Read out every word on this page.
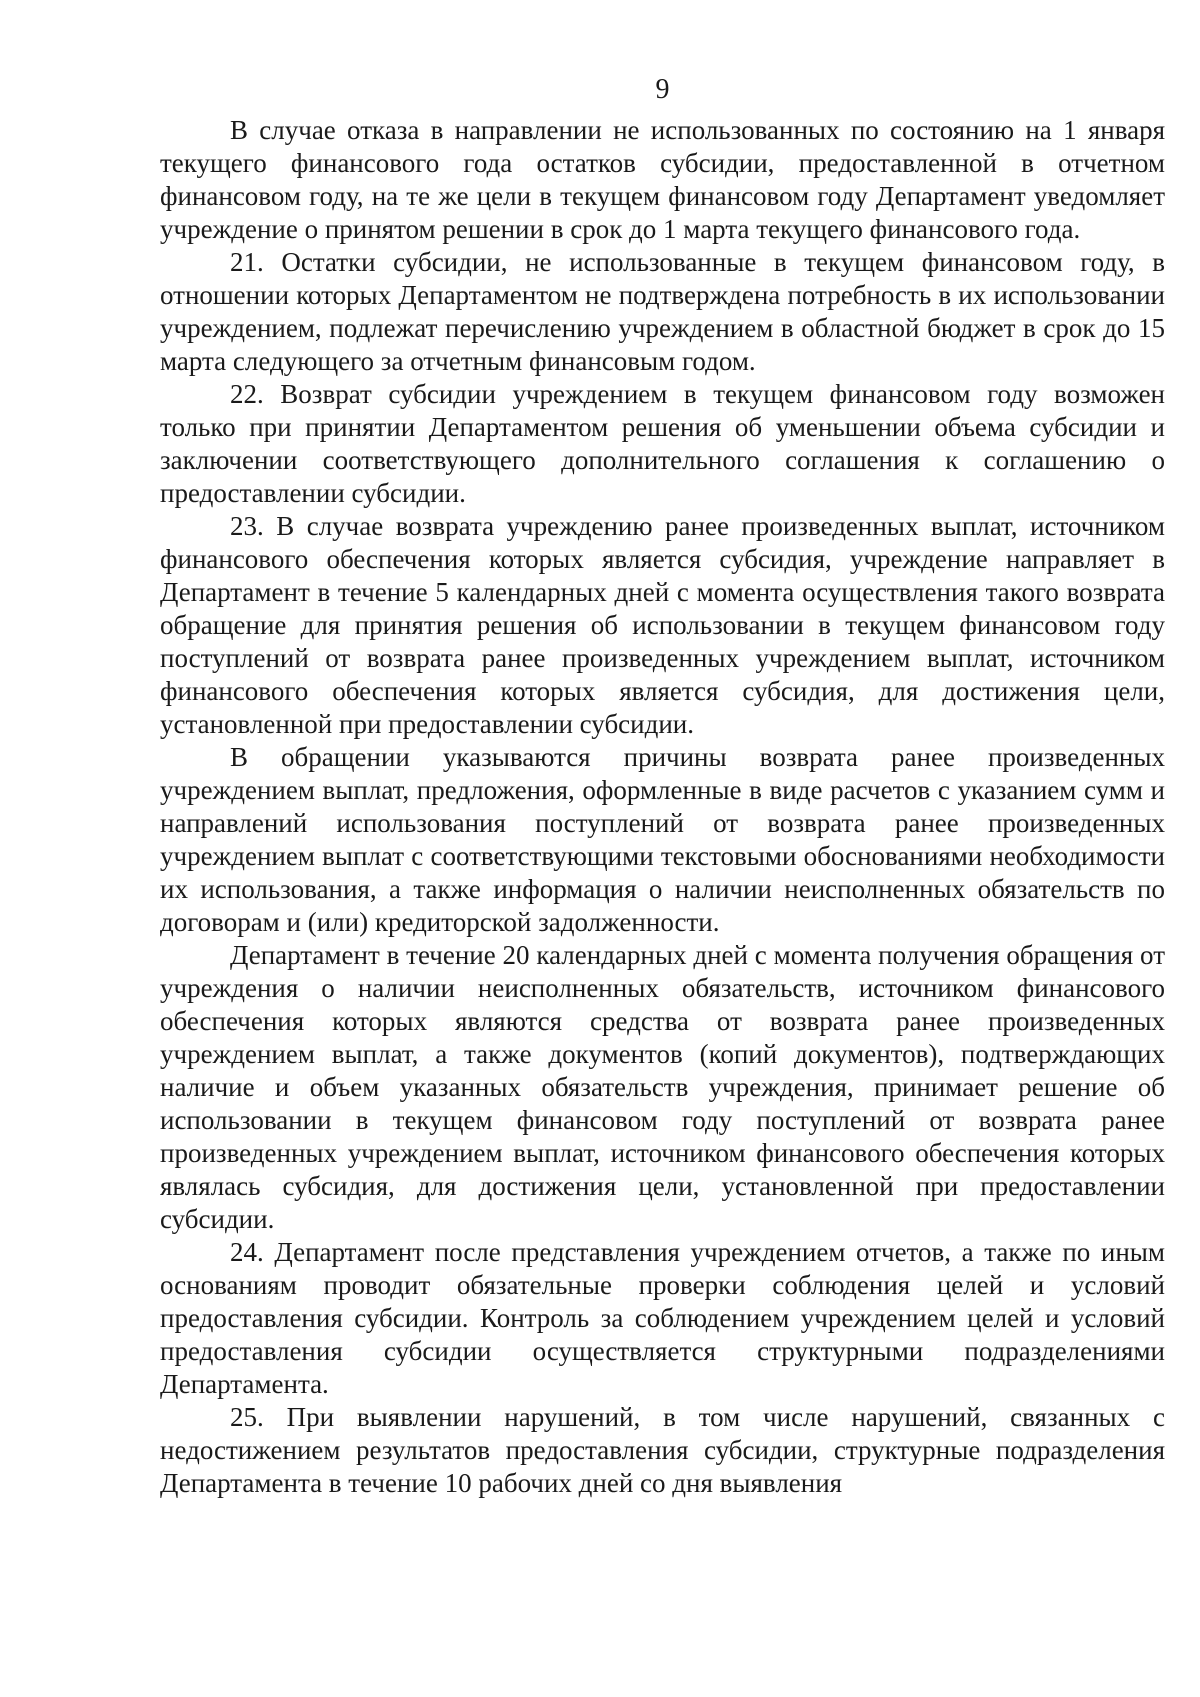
9

В случае отказа в направлении не использованных по состоянию на 1 января текущего финансового года остатков субсидии, предоставленной в отчетном финансовом году, на те же цели в текущем финансовом году Департамент уведомляет учреждение о принятом решении в срок до 1 марта текущего финансового года.

21. Остатки субсидии, не использованные в текущем финансовом году, в отношении которых Департаментом не подтверждена потребность в их использовании учреждением, подлежат перечислению учреждением в областной бюджет в срок до 15 марта следующего за отчетным финансовым годом.

22. Возврат субсидии учреждением в текущем финансовом году возможен только при принятии Департаментом решения об уменьшении объема субсидии и заключении соответствующего дополнительного соглашения к соглашению о предоставлении субсидии.

23. В случае возврата учреждению ранее произведенных выплат, источником финансового обеспечения которых является субсидия, учреждение направляет в Департамент в течение 5 календарных дней с момента осуществления такого возврата обращение для принятия решения об использовании в текущем финансовом году поступлений от возврата ранее произведенных учреждением выплат, источником финансового обеспечения которых является субсидия, для достижения цели, установленной при предоставлении субсидии.

В обращении указываются причины возврата ранее произведенных учреждением выплат, предложения, оформленные в виде расчетов с указанием сумм и направлений использования поступлений от возврата ранее произведенных учреждением выплат с соответствующими текстовыми обоснованиями необходимости их использования, а также информация о наличии неисполненных обязательств по договорам и (или) кредиторской задолженности.

Департамент в течение 20 календарных дней с момента получения обращения от учреждения о наличии неисполненных обязательств, источником финансового обеспечения которых являются средства от возврата ранее произведенных учреждением выплат, а также документов (копий документов), подтверждающих наличие и объем указанных обязательств учреждения, принимает решение об использовании в текущем финансовом году поступлений от возврата ранее произведенных учреждением выплат, источником финансового обеспечения которых являлась субсидия, для достижения цели, установленной при предоставлении субсидии.

24. Департамент после представления учреждением отчетов, а также по иным основаниям проводит обязательные проверки соблюдения целей и условий предоставления субсидии. Контроль за соблюдением учреждением целей и условий предоставления субсидии осуществляется структурными подразделениями Департамента.

25. При выявлении нарушений, в том числе нарушений, связанных с недостижением результатов предоставления субсидии, структурные подразделения Департамента в течение 10 рабочих дней со дня выявления
